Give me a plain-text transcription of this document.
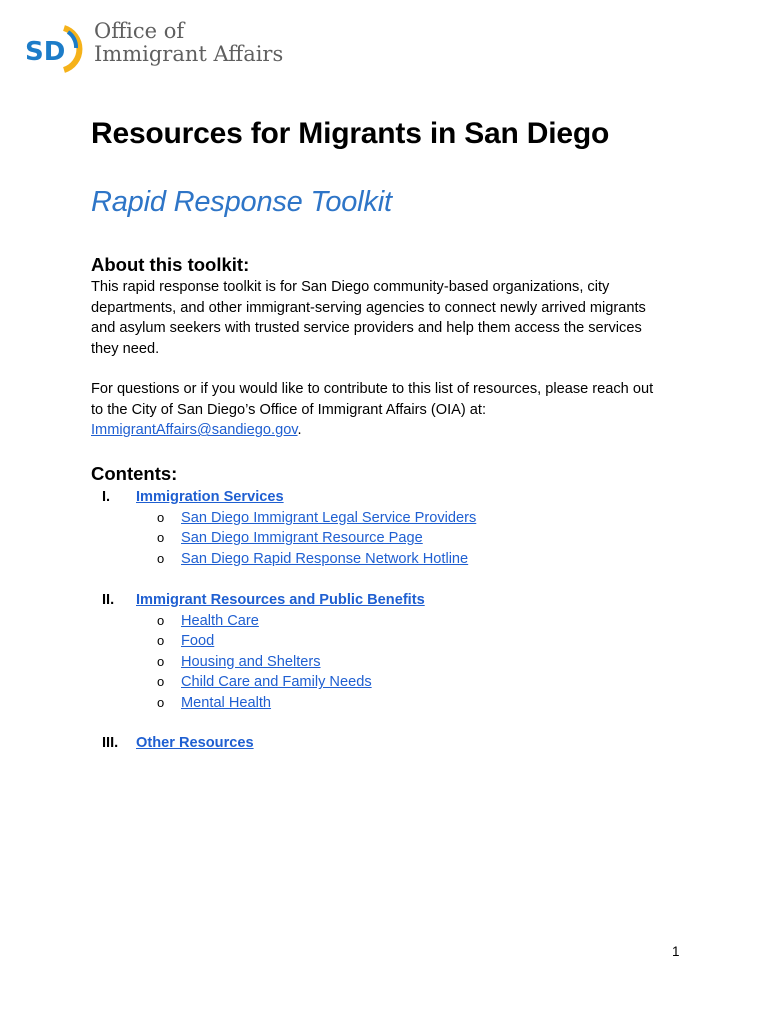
SD
Office of
Immigrant Affairs
Resources for Migrants in San Diego
Rapid Response Toolkit
About this toolkit:
This rapid response toolkit is for San Diego community-based organizations, city
departments, and other immigrant-serving agencies to connect newly arrived migrants
and asylum seekers with trusted service providers and help them access the services
they need.
For questions or if you would like to contribute to this list of resources, please reach out
to the City of San Diego’s Office of Immigrant Affairs (OIA) at:
ImmigrantAffairs@sandiego.gov.
Contents:
I. Immigration Services
o San Diego Immigrant Legal Service Providers
o San Diego Immigrant Resource Page
o San Diego Rapid Response Network Hotline
II. Immigrant Resources and Public Benefits
o Health Care
o Food
o Housing and Shelters
o Child Care and Family Needs
o Mental Health
III. Other Resources
1
